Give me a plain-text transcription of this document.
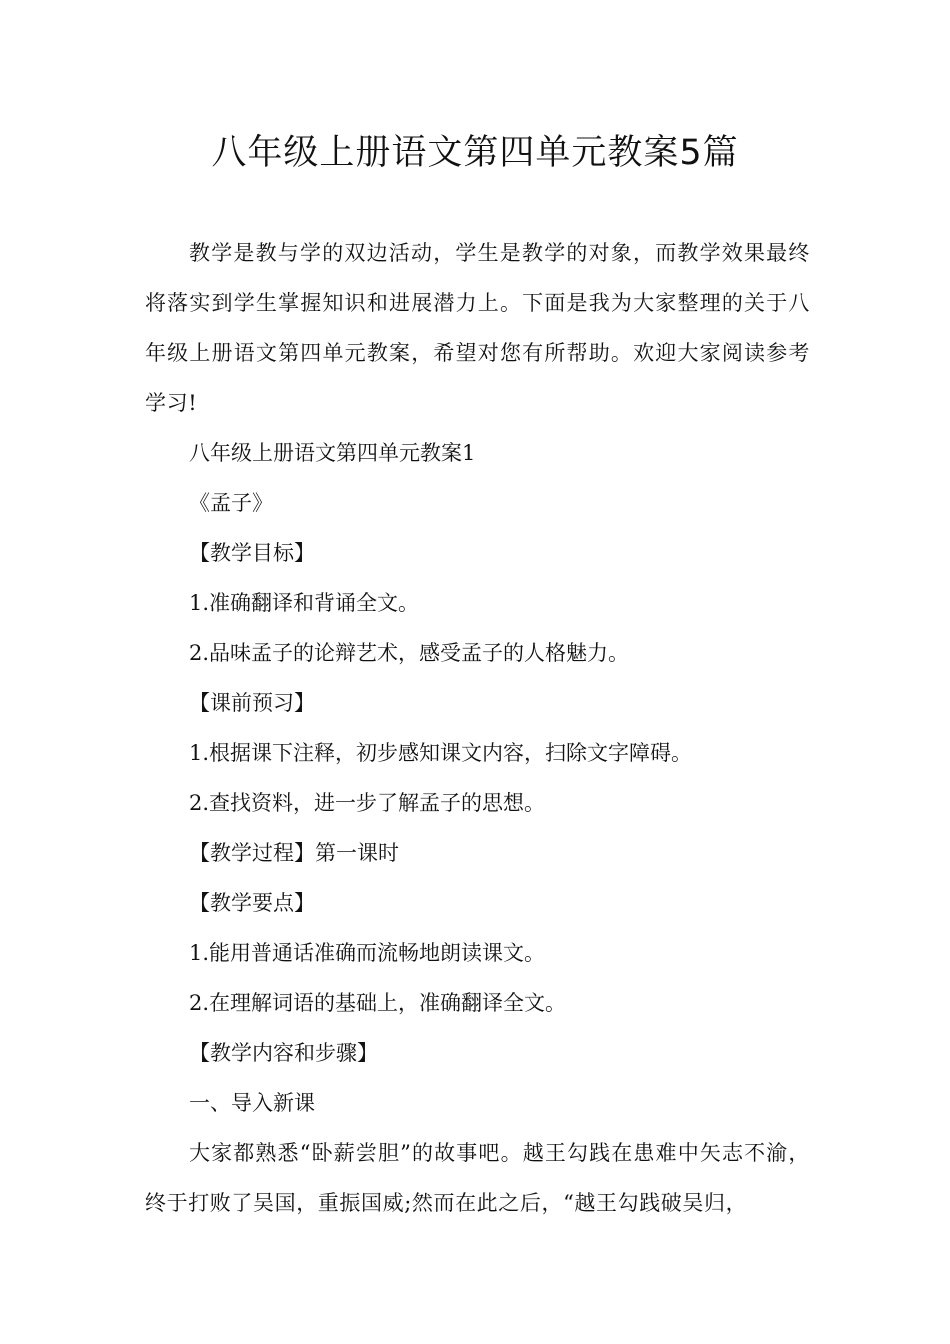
八年级上册语文第四单元教案5篇

教学是教与学的双边活动，学生是教学的对象，而教学效果最终将落实到学生掌握知识和进展潜力上。下面是我为大家整理的关于八年级上册语文第四单元教案，希望对您有所帮助。欢迎大家阅读参考学习!

八年级上册语文第四单元教案1

《孟子》

【教学目标】

1.准确翻译和背诵全文。

2.品味孟子的论辩艺术，感受孟子的人格魅力。

【课前预习】

1.根据课下注释，初步感知课文内容，扫除文字障碍。

2.查找资料，进一步了解孟子的思想。

【教学过程】第一课时

【教学要点】

1.能用普通话准确而流畅地朗读课文。

2.在理解词语的基础上，准确翻译全文。

【教学内容和步骤】

一、导入新课

大家都熟悉“卧薪尝胆”的故事吧。越王勾践在患难中矢志不渝，终于打败了吴国，重振国威;然而在此之后，“越王勾践破吴归，
